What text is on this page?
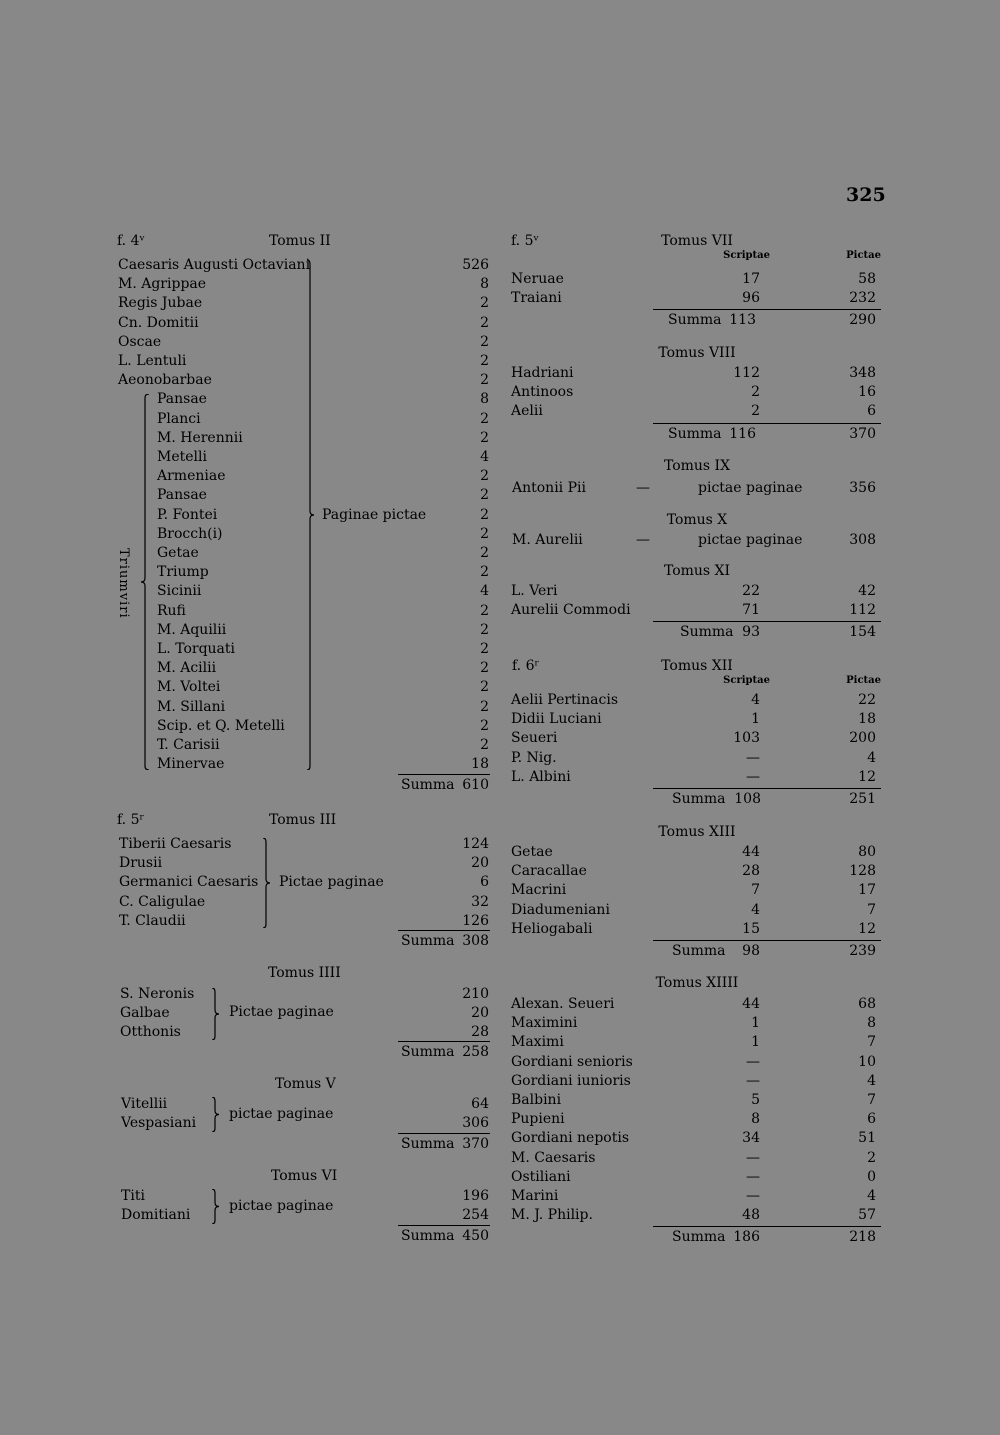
325
f. 4ᵛ	Tomus II
Caesaris Augusti Octaviani	526
M. Agrippae	8
Regis Jubae	2
Cn. Domitii	2
Oscae	2
L. Lentuli	2
Aeonobarbae	2
Pansae	8
Planci	2
M. Herennii	2
Metelli	4
Armeniae	2
Pansae	2
P. Fontei	2
Brocch(i)	2
Getae	2
Triump	2
Sicinii	4
Rufi	2
M. Aquilii	2
L. Torquati	2
M. Acilii	2
M. Voltei	2
M. Sillani	2
Scip. et Q. Metelli	2
T. Carisii	2
Minervae	18
Paginae pictae
Triumviri
Summa 610
f. 5ʳ	Tomus III
Tiberii Caesaris	124
Drusii	20
Germanici Caesaris	6
C. Caligulae	32
T. Claudii	126
Pictae paginae
Summa 308
Tomus IIII
S. Neronis	210
Galbae	20
Otthonis	28
Pictae paginae
Summa 258
Tomus V
Vitellii	64
Vespasiani	306
pictae paginae
Summa 370
Tomus VI
Titi	196
Domitiani	254
pictae paginae
Summa 450
f. 5ᵛ	Tomus VII
Scriptae	Pictae
Neruae	17	58
Traiani	96	232
Summa 113	290
Tomus VIII
Hadriani	112	348
Antinoos	2	16
Aelii	2	6
Summa 116	370
Tomus IX
Antonii Pii	—	pictae paginae	356
Tomus X
M. Aurelii	—	pictae paginae	308
Tomus XI
L. Veri	22	42
Aurelii Commodi	71	112
Summa 93	154
f. 6ʳ	Tomus XII
Scriptae	Pictae
Aelii Pertinacis	4	22
Didii Luciani	1	18
Seueri	103	200
P. Nig.	—	4
L. Albini	—	12
Summa 108	251
Tomus XIII
Getae	44	80
Caracallae	28	128
Macrini	7	17
Diadumeniani	4	7
Heliogabali	15	12
Summa 98	239
Tomus XIIII
Alexan. Seueri	44	68
Maximini	1	8
Maximi	1	7
Gordiani senioris	—	10
Gordiani iunioris	—	4
Balbini	5	7
Pupieni	8	6
Gordiani nepotis	34	51
M. Caesaris	—	2
Ostiliani	—	0
Marini	—	4
M. J. Philip.	48	57
Summa 186	218
